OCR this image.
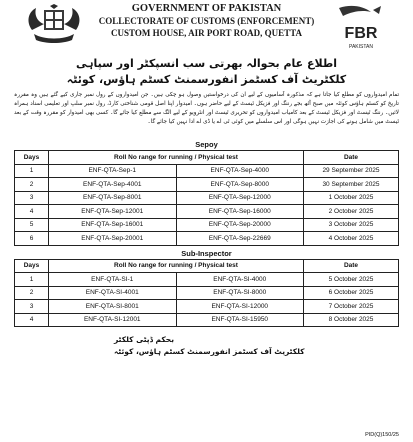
GOVERNMENT OF PAKISTAN
COLLECTORATE OF CUSTOMS (ENFORCEMENT)
CUSTOM HOUSE, AIR PORT ROAD, QUETTA	FBR
PAKISTAN
اطلاع عام بحوالہ بھرتی سب انسپکٹر اور سپاہی
کلکٹریٹ آف کسٹمز انفورسمنٹ کسٹم ہاؤس، کوئٹہ
تمام امیدواروں کو مطلع کیا جاتا ہے کہ مذکورہ آسامیوں کے لیے ان کی درخواستیں وصول ہو چکی ہیں۔ جن امیدواروں کے رول نمبر جاری کیے گئے ہیں وہ مقررہ تاریخ کو کسٹم ہاؤس کوئٹہ میں صبح آٹھ بجے رننگ اور فزیکل ٹیسٹ کے لیے حاضر ہوں۔ امیدوار اپنا اصل قومی شناختی کارڈ، رول نمبر سلپ اور تعلیمی اسناد ہمراہ لائیں۔ رننگ ٹیسٹ اور فزیکل ٹیسٹ کے بعد کامیاب امیدواروں کو تحریری ٹیسٹ اور انٹرویو کے لیے الگ سے مطلع کیا جائے گا۔ کسی بھی امیدوار کو مقررہ وقت کے بعد ٹیسٹ میں شامل ہونے کی اجازت نہیں ہوگی اور اس سلسلے میں کوئی ٹی اے یا ڈی اے ادا نہیں کیا جائے گا۔
Sepoy
Days	Roll No range for running / Physical test		Date
1	ENF-QTA-Sep-1	ENF-QTA-Sep-4000	29 September 2025
2	ENF-QTA-Sep-4001	ENF-QTA-Sep-8000	30 September 2025
3	ENF-QTA-Sep-8001	ENF-QTA-Sep-12000	1 October 2025
4	ENF-QTA-Sep-12001	ENF-QTA-Sep-16000	2 October 2025
5	ENF-QTA-Sep-16001	ENF-QTA-Sep-20000	3 October 2025
6	ENF-QTA-Sep-20001	ENF-QTA-Sep-22669	4 October 2025
Sub-Inspector
Days	Roll No range for running / Physical test		Date
1	ENF-QTA-SI-1	ENF-QTA-SI-4000	5 October 2025
2	ENF-QTA-SI-4001	ENF-QTA-SI-8000	6 October 2025
3	ENF-QTA-SI-8001	ENF-QTA-SI-12000	7 October 2025
4	ENF-QTA-SI-12001	ENF-QTA-SI-15950	8 October 2025
بحکم ڈپٹی کلکٹر
کلکٹریٹ آف کسٹمز انفورسمنٹ کسٹم ہاؤس، کوئٹہ
PID(Q)150/25
